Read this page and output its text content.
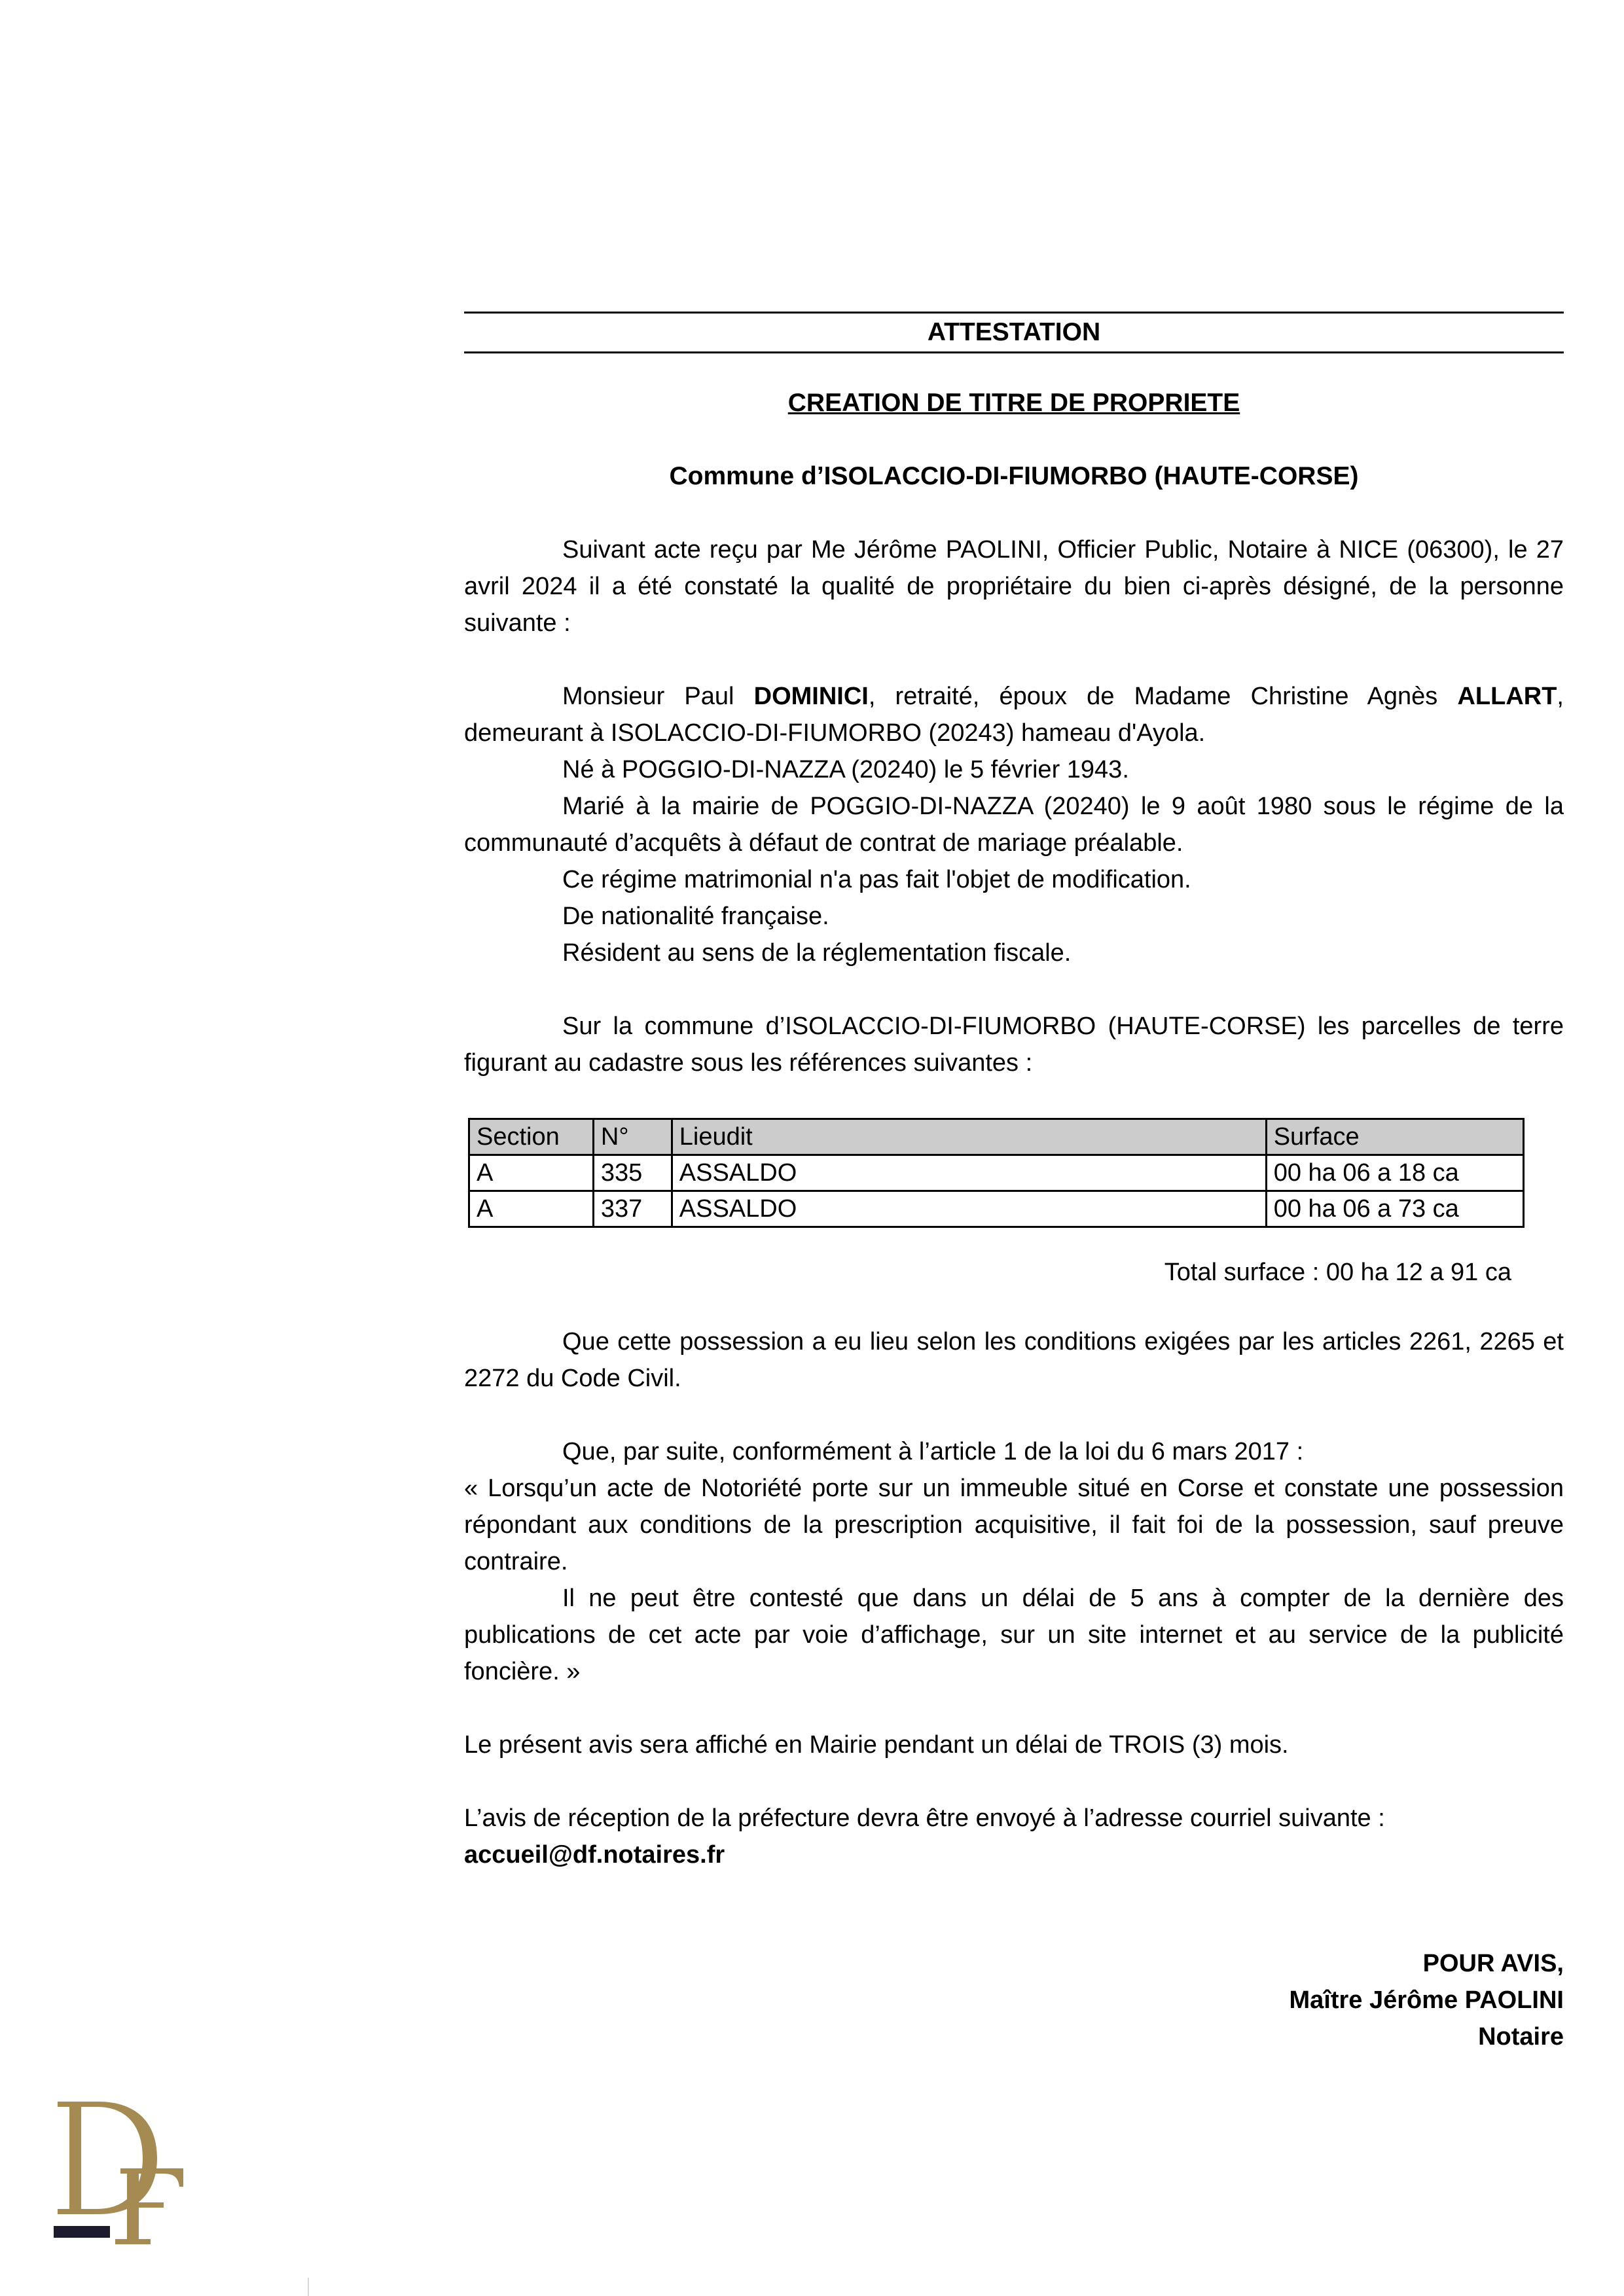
ATTESTATION
CREATION DE TITRE DE PROPRIETE
Commune d’ISOLACCIO-DI-FIUMORBO (HAUTE-CORSE)

Suivant acte reçu par Me Jérôme PAOLINI, Officier Public, Notaire à NICE (06300), le 27 avril 2024 il a été constaté la qualité de propriétaire du bien ci-après désigné, de la personne suivante :

Monsieur Paul DOMINICI, retraité, époux de Madame Christine Agnès ALLART, demeurant à ISOLACCIO-DI-FIUMORBO (20243) hameau d'Ayola.

Né à POGGIO-DI-NAZZA (20240) le 5 février 1943.

Marié à la mairie de POGGIO-DI-NAZZA (20240) le 9 août 1980 sous le régime de la communauté d’acquêts à défaut de contrat de mariage préalable.

Ce régime matrimonial n'a pas fait l'objet de modification.

De nationalité française.

Résident au sens de la réglementation fiscale.

Sur la commune d’ISOLACCIO-DI-FIUMORBO (HAUTE-CORSE) les parcelles de terre figurant au cadastre sous les références suivantes :

Section	N°	Lieudit	Surface
A	335	ASSALDO	00 ha 06 a 18 ca
A	337	ASSALDO	00 ha 06 a 73 ca
Total surface : 00 ha 12 a 91 ca

Que cette possession a eu lieu selon les conditions exigées par les articles 2261, 2265 et 2272 du Code Civil.

Que, par suite, conformément à l’article 1 de la loi du 6 mars 2017 :

« Lorsqu’un acte de Notoriété porte sur un immeuble situé en Corse et constate une possession répondant aux conditions de la prescription acquisitive, il fait foi de la possession, sauf preuve contraire.

Il ne peut être contesté que dans un délai de 5 ans à compter de la dernière des publications de cet acte par voie d’affichage, sur un site internet et au service de la publicité foncière. »

Le présent avis sera affiché en Mairie pendant un délai de TROIS (3) mois.

L’avis de réception de la préfecture devra être envoyé à l’adresse courriel suivante :

accueil@df.notaires.fr

POUR AVIS,
Maître Jérôme PAOLINI
Notaire
